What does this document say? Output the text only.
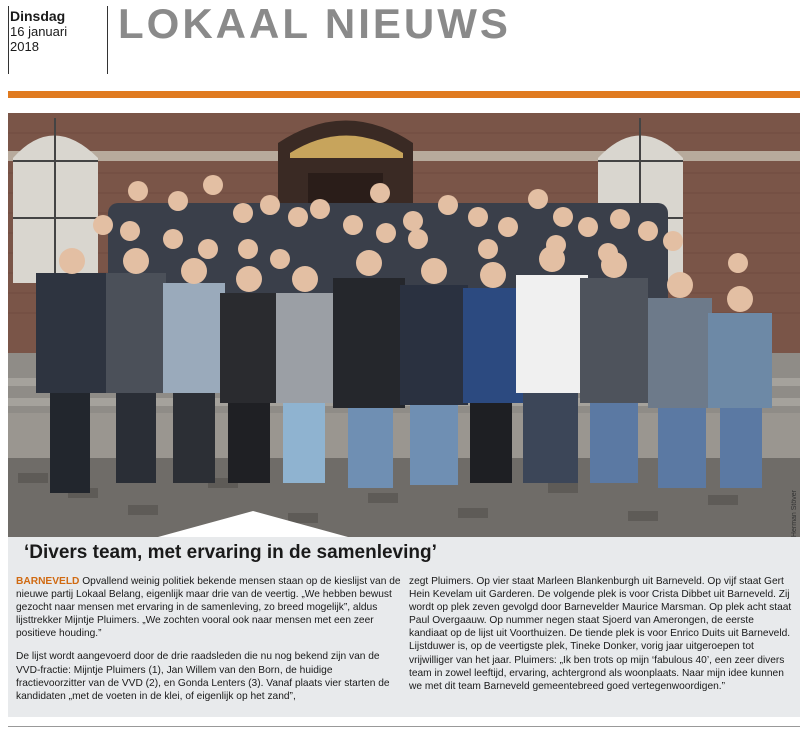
Dinsdag
16 januari
2018	LOKAAL NIEUWS
Herman Stöver
‘Divers team, met ervaring in de samenleving’

BARNEVELD Opvallend weinig politiek bekende mensen staan op de kieslijst van de nieuwe partij Lokaal Belang, eigenlijk maar drie van de veertig. „We hebben bewust gezocht naar mensen met ervaring in de samenleving, zo breed mogelijk”, aldus lijsttrekker Mijntje Pluimers. „We zochten vooral ook naar mensen met een zeer positieve houding.”

De lijst wordt aangevoerd door de drie raadsleden die nu nog bekend zijn van de VVD-fractie: Mijntje Pluimers (1), Jan Willem van den Born, de huidige fractievoorzitter van de VVD (2), en Gonda Lenters (3). Vanaf plaats vier starten de kandidaten „met de voeten in de klei, of eigenlijk op het zand”,

zegt Pluimers. Op vier staat Marleen Blankenburgh uit Barneveld. Op vijf staat Gert Hein Kevelam uit Garderen. De volgende plek is voor Crista Dibbet uit Barneveld. Zij wordt op plek zeven gevolgd door Barnevelder Maurice Marsman. Op plek acht staat Paul Overgaauw. Op nummer negen staat Sjoerd van Amerongen, de eerste kandiaat op de lijst uit Voorthuizen. De tiende plek is voor Enrico Duits uit Barneveld. Lijstduwer is, op de veertigste plek, Tineke Donker, vorig jaar uitgeroepen tot vrijwilliger van het jaar. Pluimers: „Ik ben trots op mijn ‘fabulous 40’, een zeer divers team in zowel leeftijd, ervaring, achtergrond als woonplaats. Naar mijn idee kunnen we met dit team Barneveld gemeentebreed goed vertegenwoordigen.”
